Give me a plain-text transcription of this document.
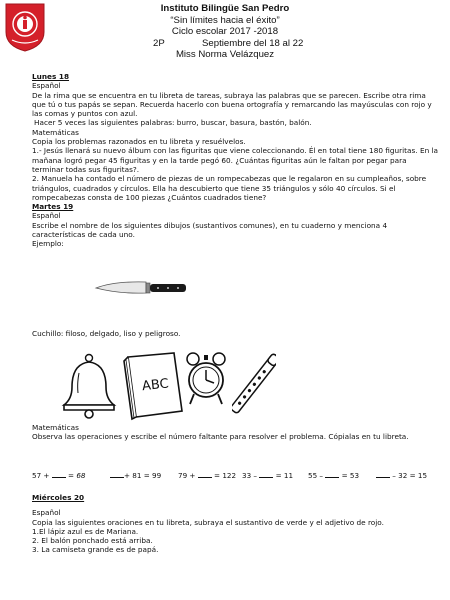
Instituto Bilingüe San Pedro
“Sin límites hacia el éxito”
Ciclo escolar 2017 -2018
2P	Septiembre del 18 al 22
Miss Norma Velázquez

Lunes 18

Español

De la rima que se encuentra en tu libreta de tareas, subraya las palabras que se parecen. Escribe otra rima que tú o tus papás se sepan. Recuerda hacerlo con buena ortografía y remarcando las mayúsculas con rojo y las comas y puntos con azul.

Hacer 5 veces las siguientes palabras: burro, buscar, basura, bastón, balón.

Matemáticas

Copia los problemas razonados en tu libreta y resuélvelos.

1.- Jesús llenará su nuevo álbum con las figuritas que viene coleccionando. Él en total tiene 180 figuritas. En la mañana logró pegar 45 figuritas y en la tarde pegó 60. ¿Cuántas figuritas aún le faltan por pegar para terminar todas sus figuritas?.

2. Manuela ha contado el número de piezas de un rompecabezas que le regalaron en su cumpleaños, sobre triángulos, cuadrados y círculos. Ella ha descubierto que tiene 35 triángulos y sólo 40 círculos. Si el rompecabezas consta de 100 piezas ¿Cuántos cuadrados tiene?

Martes 19

Español

Escribe el nombre de los siguientes dibujos (sustantivos comunes), en tu cuaderno y menciona 4 características de cada uno.

Ejemplo:

Cuchillo: filoso, delgado, liso y peligroso.

ABC

Matemáticas

Observa las operaciones y escribe el número faltante para resolver el problema. Cópialas en tu libreta.

57 +  = 68	+ 81 = 99 79 +  = 122 33 –  = 11 55 –  = 53	– 32 = 15

Miércoles 20

Español

Copia las siguientes oraciones en tu libreta, subraya el sustantivo de verde y el adjetivo de rojo.

1.El lápiz azul es de Mariana.

2. El balón ponchado está arriba.

3. La camiseta grande es de papá.
